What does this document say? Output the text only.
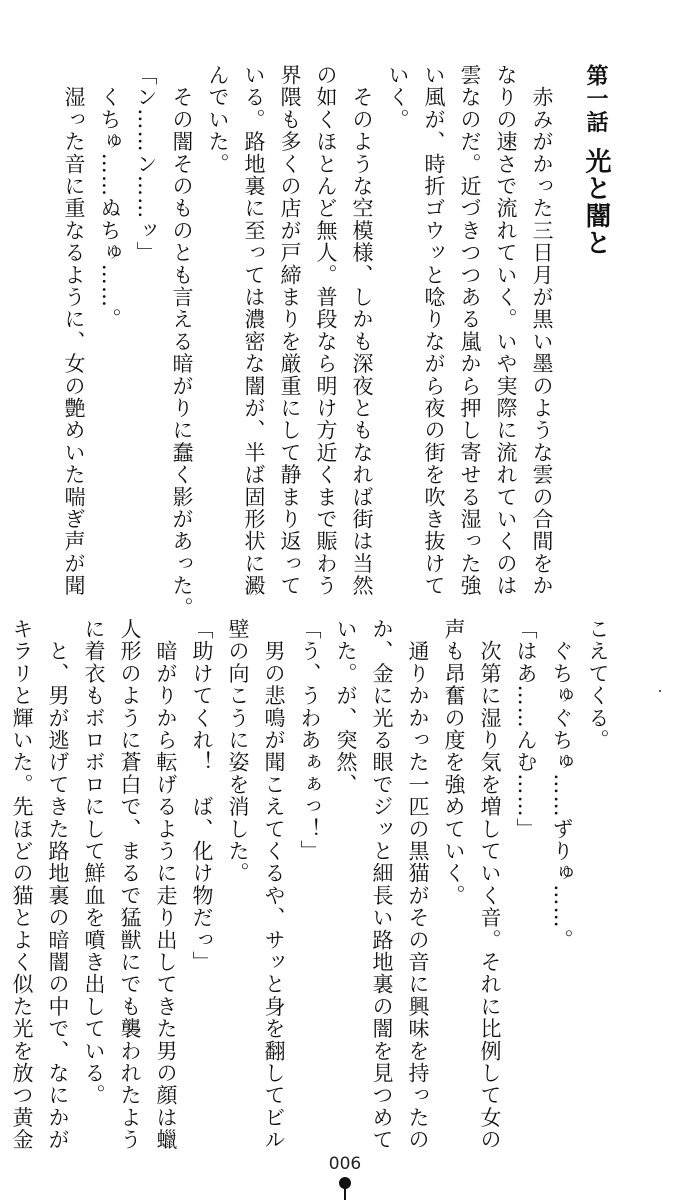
第一話光と闇と
　赤みがかった三日月が黒い墨のような雲の合間をか
なりの速さで流れていく。いや実際に流れていくのは
雲なのだ。近づきつつある嵐から押し寄せる湿った強
い風が、時折ゴウッと唸りながら夜の街を吹き抜けて
いく。
　そのような空模様、しかも深夜ともなれば街は当然
の如くほとんど無人。普段なら明け方近くまで賑わう
界隈も多くの店が戸締まりを厳重にして静まり返って
いる。路地裏に至っては濃密な闇が、半ば固形状に澱
んでいた。
　その闇そのものとも言える暗がりに蠢く影があった。
「ン……ン……ッ」
　くちゅ……ぬちゅ……。
　湿った音に重なるように、女の艶めいた喘ぎ声が聞
こえてくる。
　ぐちゅぐちゅ……ずりゅ……。
「はあ……んむ……」
　次第に湿り気を増していく音。それに比例して女の
声も昂奮の度を強めていく。
　通りかかった一匹の黒猫がその音に興味を持ったの
か、金に光る眼でジッと細長い路地裏の闇を見つめて
いた。が、突然、
「う、うわあぁぁっ！」
　男の悲鳴が聞こえてくるや、サッと身を翻してビル
壁の向こうに姿を消した。
「助けてくれ！　ば、化け物だっ」
　暗がりから転げるように走り出してきた男の顔は蠟
人形のように蒼白で、まるで猛獣にでも襲われたよう
に着衣もボロボロにして鮮血を噴き出している。
　と、男が逃げてきた路地裏の暗闇の中で、なにかが
キラリと輝いた。先ほどの猫とよく似た光を放つ黄金
006
